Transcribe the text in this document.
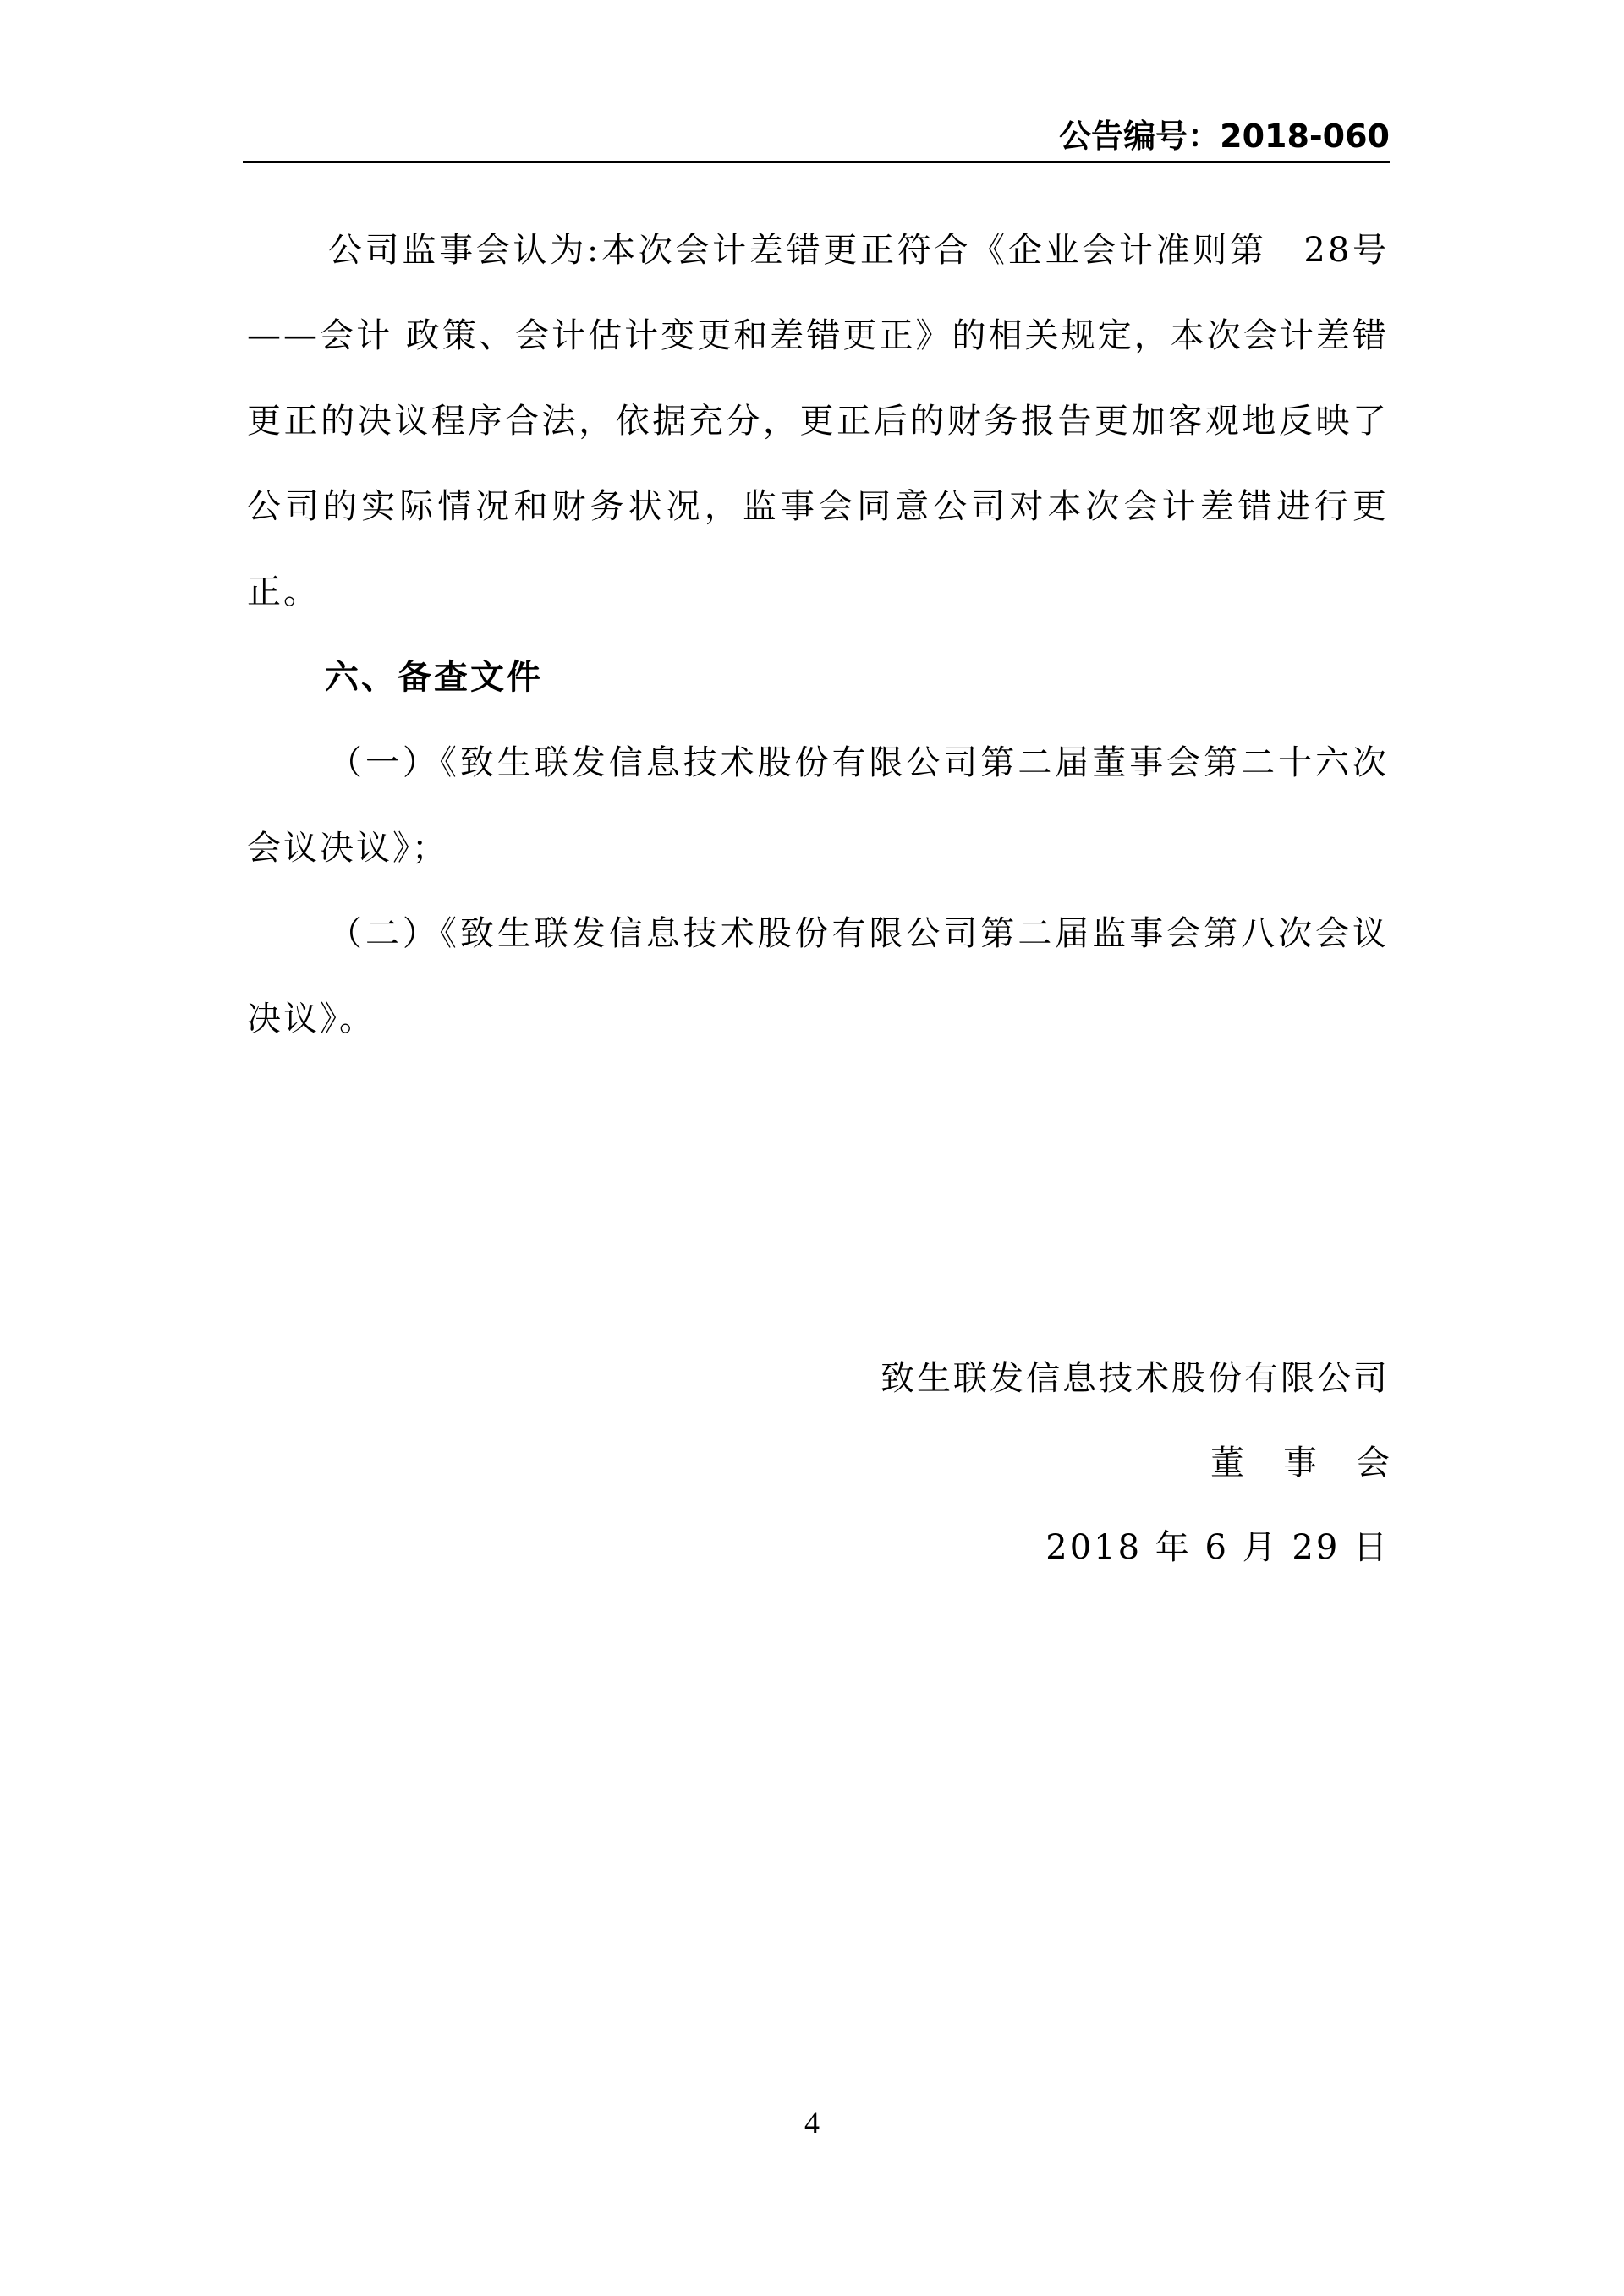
公告编号：2018-060

公司监事会认为:本次会计差错更正符合《企业会计准则第　28号——会计 政策、会计估计变更和差错更正》的相关规定，本次会计差错更正的决议程序合法，依据充分，更正后的财务报告更加客观地反映了公司的实际情况和财务状况，监事会同意公司对本次会计差错进行更正。

六、备查文件

（一）《致生联发信息技术股份有限公司第二届董事会第二十六次会议决议》；

（二）《致生联发信息技术股份有限公司第二届监事会第八次会议决议》。

致生联发信息技术股份有限公司
董事会
2018 年 6 月 29 日
4
